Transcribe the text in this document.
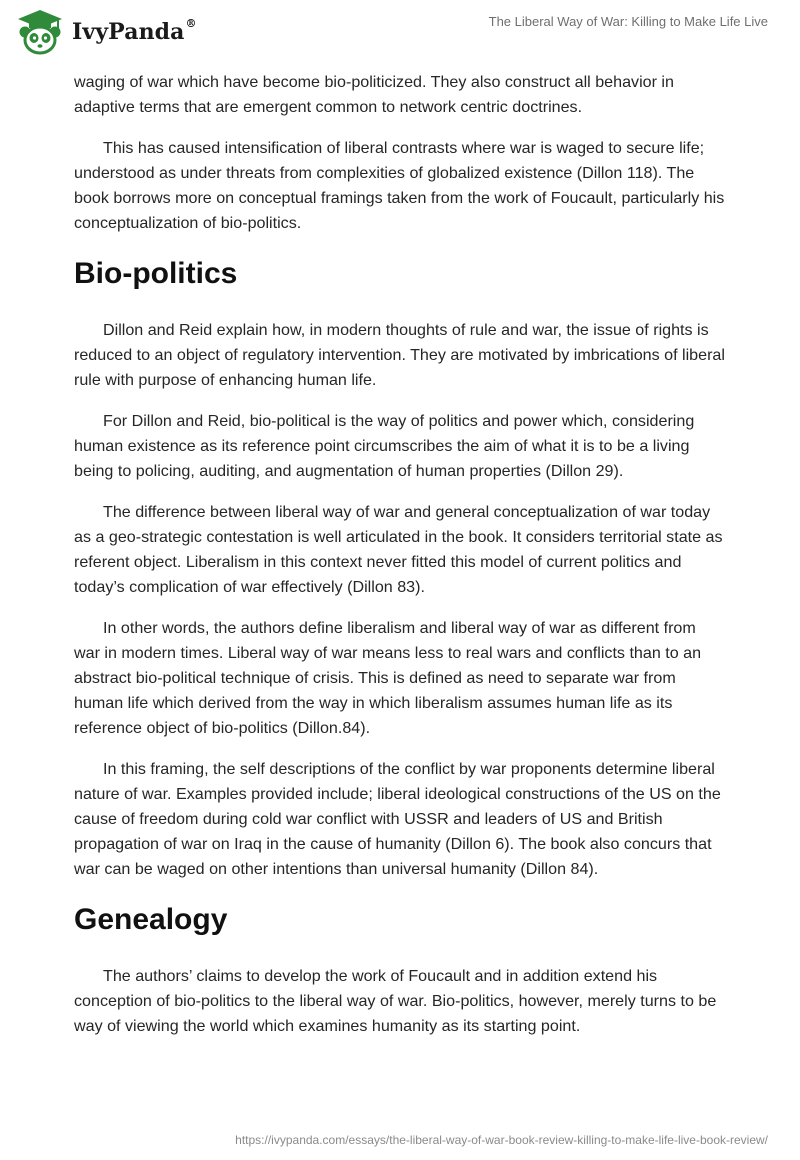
IvyPanda®	The Liberal Way of War: Killing to Make Life Live

waging of war which have become bio-politicized. They also construct all behavior in adaptive terms that are emergent common to network centric doctrines.

This has caused intensification of liberal contrasts where war is waged to secure life; understood as under threats from complexities of globalized existence (Dillon 118). The book borrows more on conceptual framings taken from the work of Foucault, particularly his conceptualization of bio-politics.

Bio-politics

Dillon and Reid explain how, in modern thoughts of rule and war, the issue of rights is reduced to an object of regulatory intervention. They are motivated by imbrications of liberal rule with purpose of enhancing human life.

For Dillon and Reid, bio-political is the way of politics and power which, considering human existence as its reference point circumscribes the aim of what it is to be a living being to policing, auditing, and augmentation of human properties (Dillon 29).

The difference between liberal way of war and general conceptualization of war today as a geo-strategic contestation is well articulated in the book. It considers territorial state as referent object. Liberalism in this context never fitted this model of current politics and today’s complication of war effectively (Dillon 83).

In other words, the authors define liberalism and liberal way of war as different from war in modern times. Liberal way of war means less to real wars and conflicts than to an abstract bio-political technique of crisis. This is defined as need to separate war from human life which derived from the way in which liberalism assumes human life as its reference object of bio-politics (Dillon.84).

In this framing, the self descriptions of the conflict by war proponents determine liberal nature of war. Examples provided include; liberal ideological constructions of the US on the cause of freedom during cold war conflict with USSR and leaders of US and British propagation of war on Iraq in the cause of humanity (Dillon 6). The book also concurs that war can be waged on other intentions than universal humanity (Dillon 84).

Genealogy

The authors’ claims to develop the work of Foucault and in addition extend his conception of bio-politics to the liberal way of war. Bio-politics, however, merely turns to be way of viewing the world which examines humanity as its starting point.

https://ivypanda.com/essays/the-liberal-way-of-war-book-review-killing-to-make-life-live-book-review/
